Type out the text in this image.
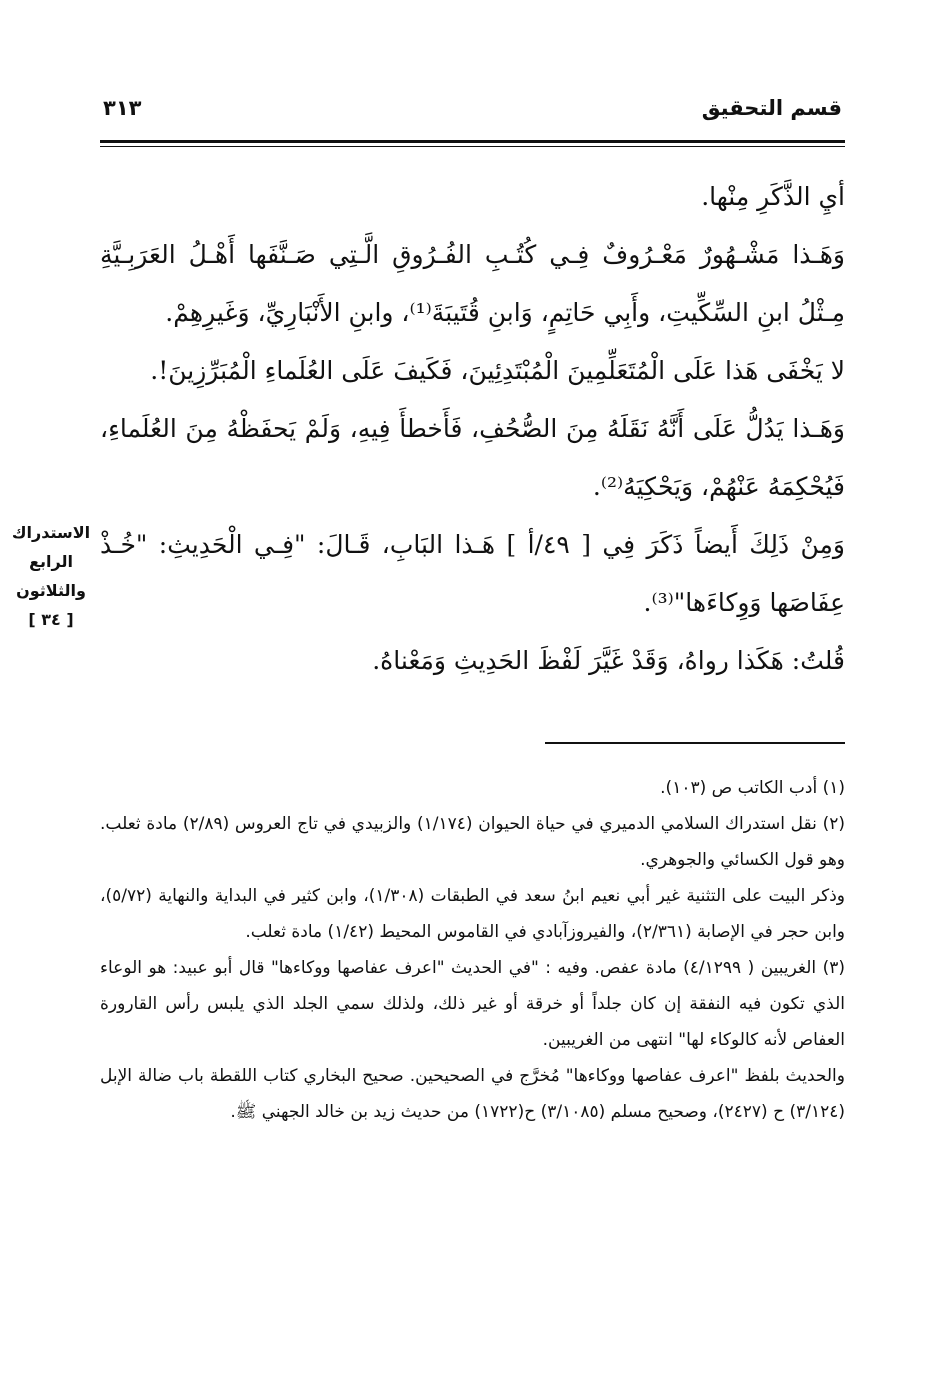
قسم التحقيق
٣١٣

أيِ الذَّكَرِ مِنْها.

وَهَـذا مَشْـهُورٌ مَعْـرُوفٌ فِـي كُتُـبِ الفُـرُوقِ الَّـتِي صَـنَّفَها أَهْـلُ العَرَبِـيَّةِ مِـثْلُ ابنِ السِّكِّيتِ، وأَبِي حَاتِمٍ، وَابنِ قُتَيبَةَ⁽¹⁾، وابنِ الأَنْبَارِيِّ، وَغَيرِهِمْ.

لا يَخْفَى هَذا عَلَى الْمُتَعَلِّمِينَ الْمُبْتَدِئِينَ، فَكَيفَ عَلَى العُلَماءِ الْمُبَرِّزِينَ!.

وَهَـذا يَدُلُّ عَلَى أَنَّهُ نَقَلَهُ مِنَ الصُّحُفِ، فَأَخطأَ فِيهِ، وَلَمْ يَحفَظْهُ مِنَ العُلَماءِ، فَيُحْكِمَهُ عَنْهُمْ، وَيَحْكِيَهُ⁽²⁾.

وَمِنْ ذَلِكَ أَيضاً ذَكَرَ فِي [ ٤٩/أ ] هَـذا البَابِ، قَـالَ: "فِـي الْحَدِيثِ: "خُـذْ عِفَاصَها وَوِكاءَها"⁽³⁾.

قُلتُ: هَكَذا رواهُ، وَقَدْ غَيَّرَ لَفْظَ الحَدِيثِ وَمَعْناهُ.

الاستدراك
الرابع
والثلاثون
[ ٣٤ ]

(١) أدب الكاتب ص (١٠٣).

(٢) نقل استدراك السلامي الدميري في حياة الحيوان (١/١٧٤) والزبيدي في تاج العروس (٢/٨٩) مادة ثعلب. وهو قول الكسائي والجوهري.

وذكر البيت على التثنية غير أبي نعيم ابنُ سعد في الطبقات (١/٣٠٨)، وابن كثير في البداية والنهاية (٥/٧٢)، وابن حجر في الإصابة (٢/٣٦١)، والفيروزآبادي في القاموس المحيط (١/٤٢) مادة ثعلب.

(٣) الغريبين ( ٤/١٢٩٩) مادة عفص. وفيه : "في الحديث "اعرف عفاصها ووكاءها" قال أبو عبيد: هو الوعاء الذي تكون فيه النفقة إن كان جلداً أو خرقة أو غير ذلك، ولذلك سمي الجلد الذي يلبس رأس القارورة العفاص لأنه كالوكاء لها" انتهى من الغريبين.

والحديث بلفظ "اعرف عفاصها ووكاءها" مُخرَّج في الصحيحين. صحيح البخاري كتاب اللقطة باب ضالة الإبل (٣/١٢٤) ح (٢٤٢٧)، وصحيح مسلم (٣/١٠٨٥) ح(١٧٢٢) من حديث زيد بن خالد الجهني ﷺ.
